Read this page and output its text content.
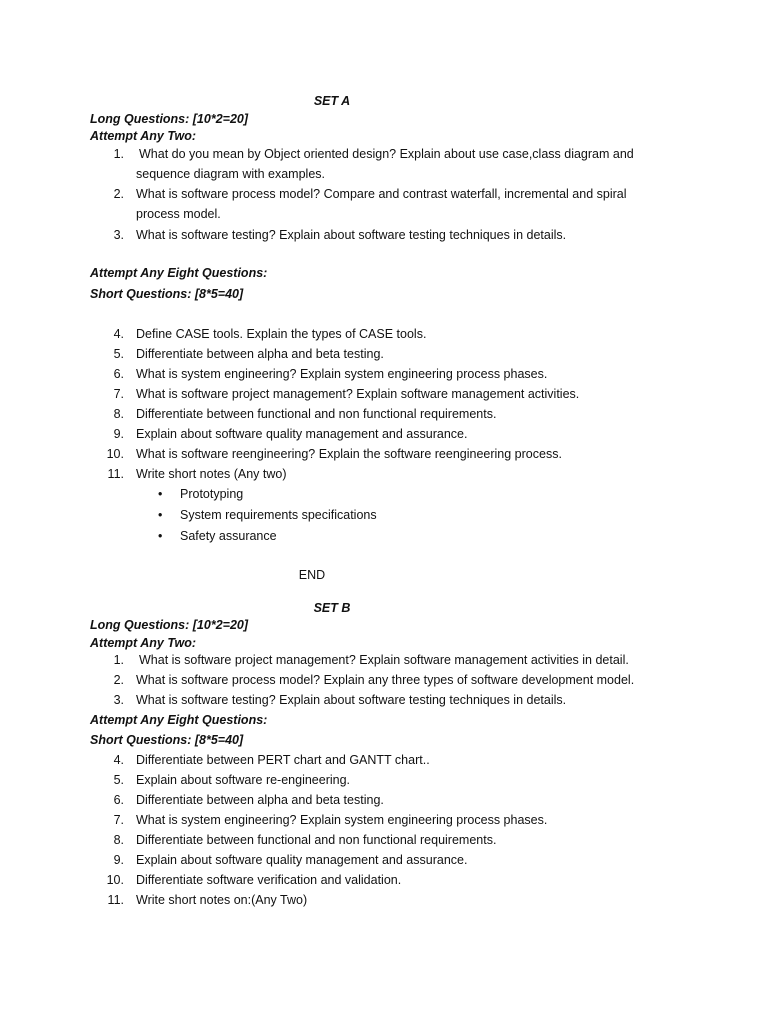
SET A
Long Questions: [10*2=20]
Attempt Any Two:
1. What do you mean by Object oriented design? Explain about use case,class diagram and
sequence diagram with examples.
2. What is software process model? Compare and contrast waterfall, incremental and spiral
process model.
3. What is software testing? Explain about software testing techniques in details.
Attempt Any Eight Questions:
Short Questions: [8*5=40]
4. Define CASE tools. Explain the types of CASE tools.
5. Differentiate between alpha and beta testing.
6. What is system engineering? Explain system engineering process phases.
7. What is software project management? Explain software management activities.
8. Differentiate between functional and non functional requirements.
9. Explain about software quality management and assurance.
10. What is software reengineering? Explain the software reengineering process.
11. Write short notes (Any two)
• Prototyping
• System requirements specifications
• Safety assurance
END
SET B
Long Questions: [10*2=20]
Attempt Any Two:
1. What is software project management? Explain software management activities in detail.
2. What is software process model? Explain any three types of software development model.
3. What is software testing? Explain about software testing techniques in details.
Attempt Any Eight Questions:
Short Questions: [8*5=40]
4. Differentiate between PERT chart and GANTT chart..
5. Explain about software re-engineering.
6. Differentiate between alpha and beta testing.
7. What is system engineering? Explain system engineering process phases.
8. Differentiate between functional and non functional requirements.
9. Explain about software quality management and assurance.
10. Differentiate software verification and validation.
11. Write short notes on:(Any Two)
